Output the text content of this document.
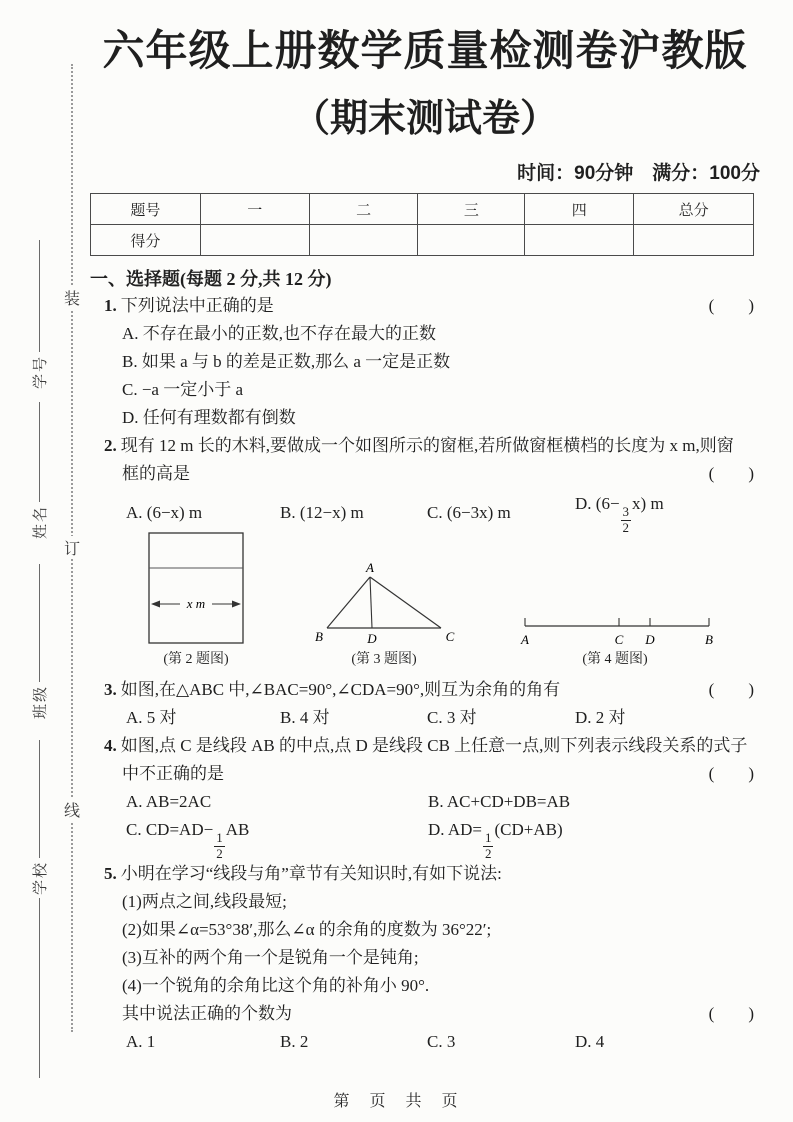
装
订
线
学号
姓名
班级
学校
六年级上册数学质量检测卷沪教版
（期末测试卷）
时间：90分钟　满分：100分
题号	一	二	三	四	总分
得分					
一、选择题(每题 2 分,共 12 分)
1. 下列说法中正确的是	(　　)
A. 不存在最小的正数,也不存在最大的正数
B. 如果 a 与 b 的差是正数,那么 a 一定是正数
C. −a 一定小于 a
D. 任何有理数都有倒数
2. 现有 12 m 长的木料,要做成一个如图所示的窗框,若所做窗框横档的长度为 x m,则窗
框的高是	(　　)
A. (6−x) m	B. (12−x) m	C. (6−3x) m	D. (6−
$\frac{3}{2}$
x) m
x m
(第 2 题图)
A
B	D	C
(第 3 题图)
A	C D	B
(第 4 题图)
3. 如图,在△ABC 中,∠BAC=90°,∠CDA=90°,则互为余角的角有	(　　)
A. 5 对	B. 4 对	C. 3 对	D. 2 对
4. 如图,点 C 是线段 AB 的中点,点 D 是线段 CB 上任意一点,则下列表示线段关系的式子
中不正确的是	(　　)
A. AB=2AC	B. AC+CD+DB=AB
C. CD=AD−
$\frac{1}{2}$
AB	D. AD=
$\frac{1}{2}$
(CD+AB)
5. 小明在学习“线段与角”章节有关知识时,有如下说法:
(1)两点之间,线段最短;
(2)如果∠α=53°38′,那么∠α 的余角的度数为 36°22′;
(3)互补的两个角一个是锐角一个是钝角;
(4)一个锐角的余角比这个角的补角小 90°.
其中说法正确的个数为	(　　)
A. 1	B. 2	C. 3	D. 4
第　页　共　页
